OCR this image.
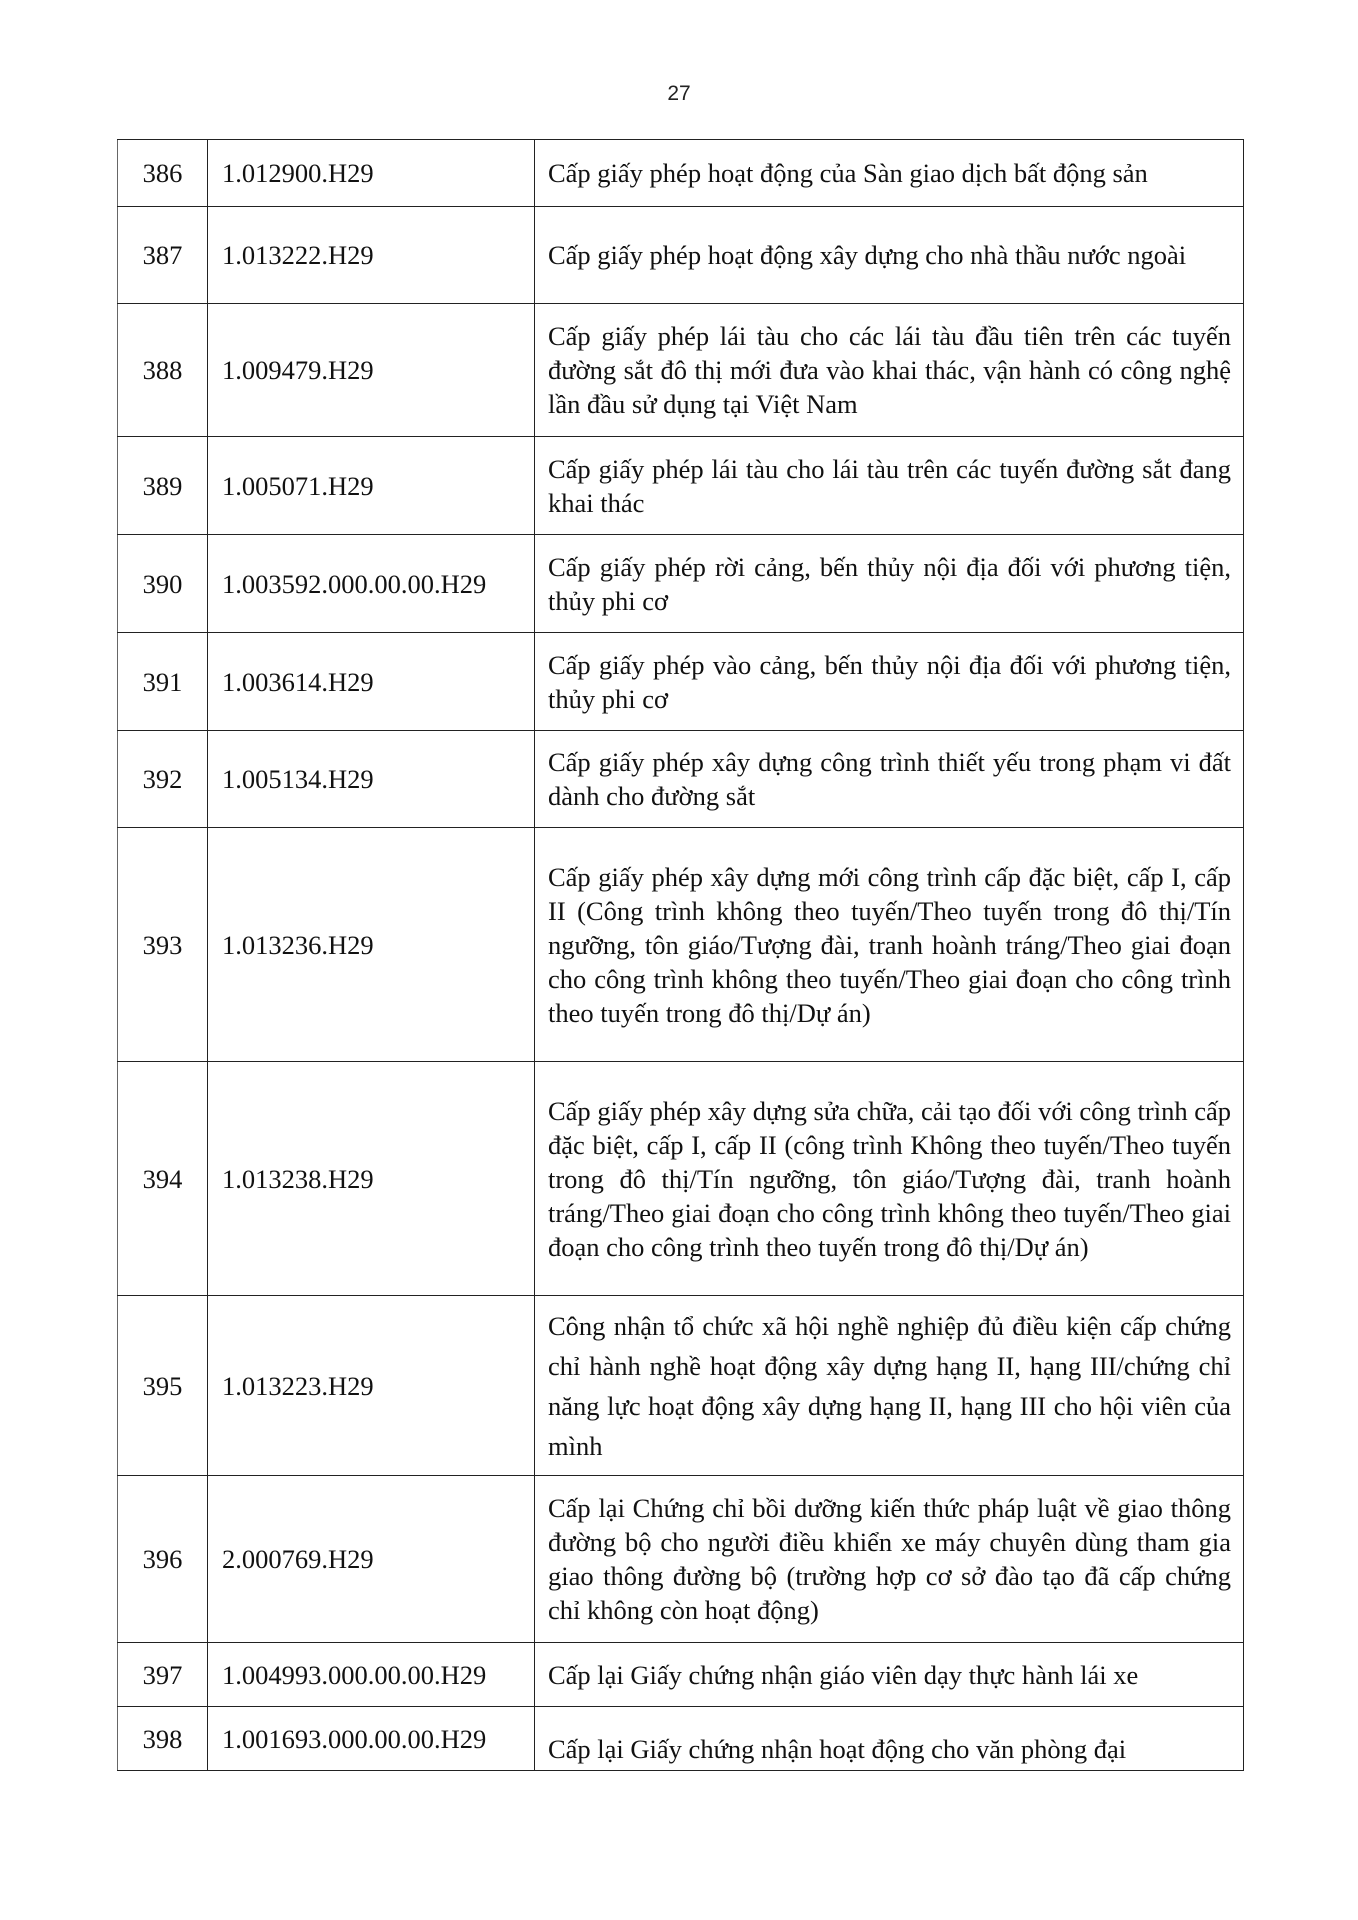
27
386	1.012900.H29	Cấp giấy phép hoạt động của Sàn giao dịch bất động sản
387	1.013222.H29	Cấp giấy phép hoạt động xây dựng cho nhà thầu nước ngoài
388	1.009479.H29	Cấp giấy phép lái tàu cho các lái tàu đầu tiên trên các tuyến đường sắt đô thị mới đưa vào khai thác, vận hành có công nghệ lần đầu sử dụng tại Việt Nam
389	1.005071.H29	Cấp giấy phép lái tàu cho lái tàu trên các tuyến đường sắt đang khai thác
390	1.003592.000.00.00.H29	Cấp giấy phép rời cảng, bến thủy nội địa đối với phương tiện, thủy phi cơ
391	1.003614.H29	Cấp giấy phép vào cảng, bến thủy nội địa đối với phương tiện, thủy phi cơ
392	1.005134.H29	Cấp giấy phép xây dựng công trình thiết yếu trong phạm vi đất dành cho đường sắt
393	1.013236.H29	Cấp giấy phép xây dựng mới công trình cấp đặc biệt, cấp I, cấp II (Công trình không theo tuyến/Theo tuyến trong đô thị/Tín ngưỡng, tôn giáo/Tượng đài, tranh hoành tráng/Theo giai đoạn cho công trình không theo tuyến/Theo giai đoạn cho công trình theo tuyến trong đô thị/Dự án)
394	1.013238.H29	Cấp giấy phép xây dựng sửa chữa, cải tạo đối với công trình cấp đặc biệt, cấp I, cấp II (công trình Không theo tuyến/Theo tuyến trong đô thị/Tín ngưỡng, tôn giáo/Tượng đài, tranh hoành tráng/Theo giai đoạn cho công trình không theo tuyến/Theo giai đoạn cho công trình theo tuyến trong đô thị/Dự án)
395	1.013223.H29	Công nhận tổ chức xã hội nghề nghiệp đủ điều kiện cấp chứng chỉ hành nghề hoạt động xây dựng hạng II, hạng III/chứng chỉ năng lực hoạt động xây dựng hạng II, hạng III cho hội viên của mình
396	2.000769.H29	Cấp lại Chứng chỉ bồi dưỡng kiến thức pháp luật về giao thông đường bộ cho người điều khiển xe máy chuyên dùng tham gia giao thông đường bộ (trường hợp cơ sở đào tạo đã cấp chứng chỉ không còn hoạt động)
397	1.004993.000.00.00.H29	Cấp lại Giấy chứng nhận giáo viên dạy thực hành lái xe
398	1.001693.000.00.00.H29	Cấp lại Giấy chứng nhận hoạt động cho văn phòng đại
